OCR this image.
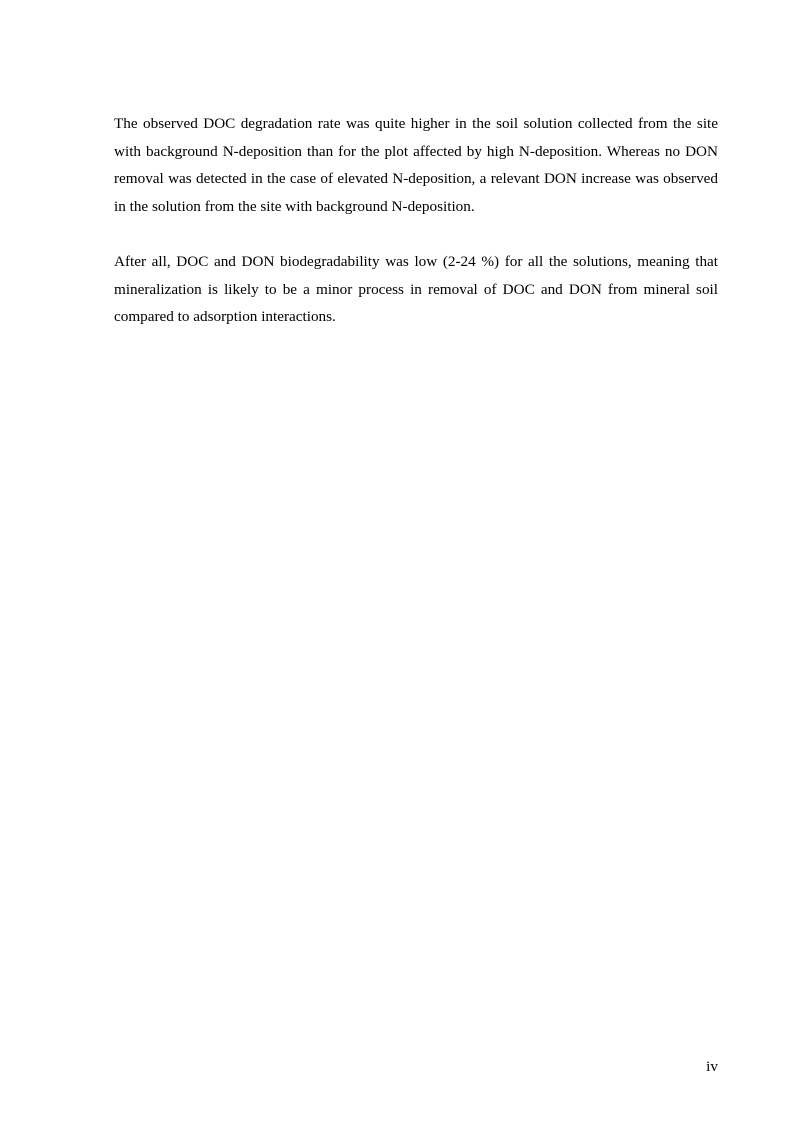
The observed DOC degradation rate was quite higher in the soil solution collected from the site with background N-deposition than for the plot affected by high N-deposition. Whereas no DON removal was detected in the case of elevated N-deposition, a relevant DON increase was observed in the solution from the site with background N-deposition.

After all, DOC and DON biodegradability was low (2-24 %) for all the solutions, meaning that mineralization is likely to be a minor process in removal of DOC and DON from mineral soil compared to adsorption interactions.

iv
